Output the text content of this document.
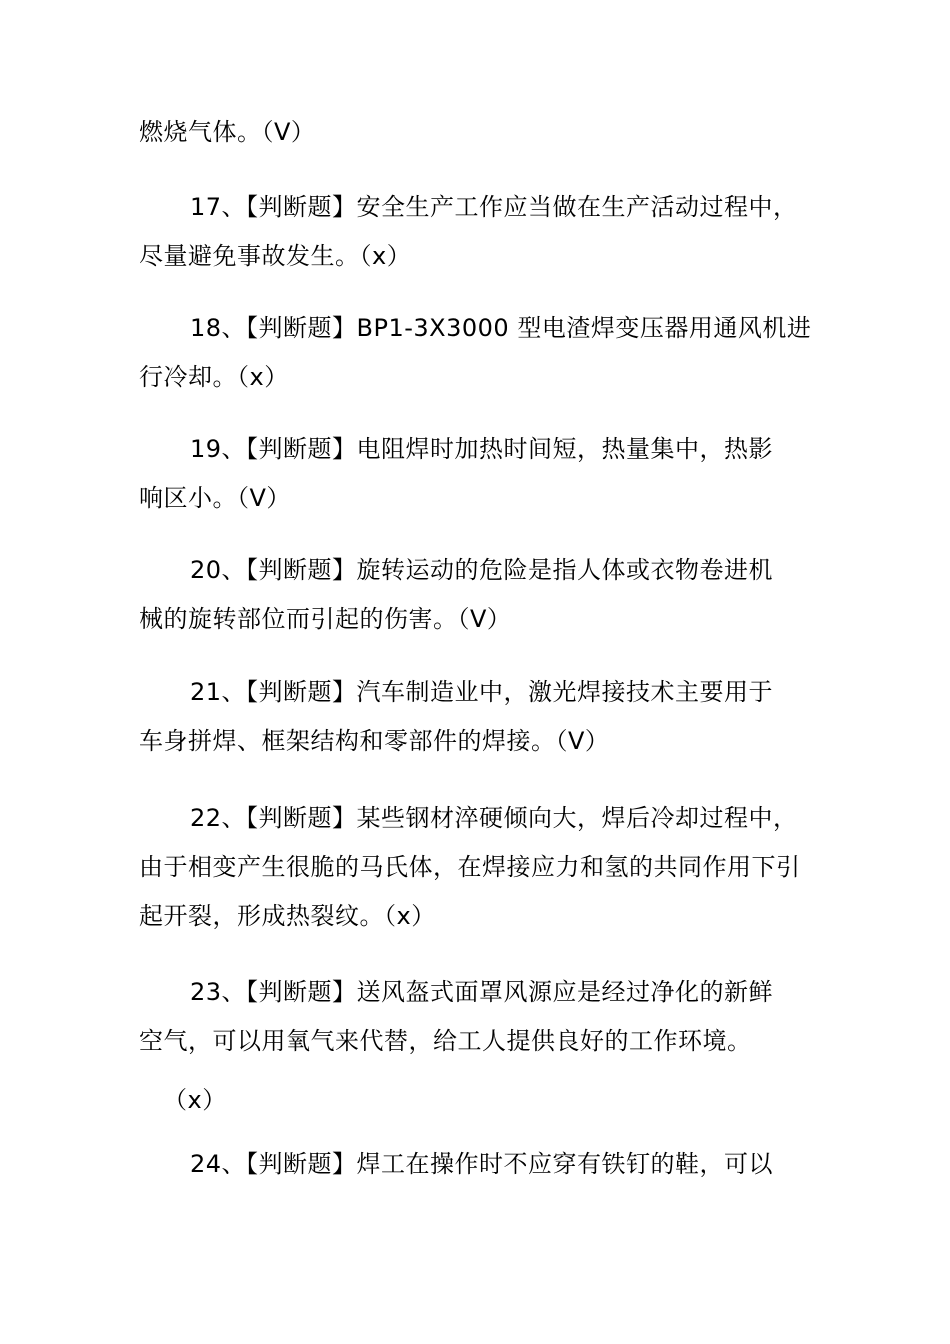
燃烧气体。（V）
17、【判断题】安全生产工作应当做在生产活动过程中，
尽量避免事故发生。（x）
18、【判断题】BP1-3X3000 型电渣焊变压器用通风机进
行冷却。（x）
19、【判断题】电阻焊时加热时间短，热量集中，热影
响区小。（V）
20、【判断题】旋转运动的危险是指人体或衣物卷进机
械的旋转部位而引起的伤害。（V）
21、【判断题】汽车制造业中，激光焊接技术主要用于
车身拼焊、框架结构和零部件的焊接。（V）
22、【判断题】某些钢材淬硬倾向大，焊后冷却过程中，
由于相变产生很脆的马氏体，在焊接应力和氢的共同作用下引
起开裂，形成热裂纹。（x）
23、【判断题】送风盔式面罩风源应是经过净化的新鲜
空气，可以用氧气来代替，给工人提供良好的工作环境。
（x）
24、【判断题】焊工在操作时不应穿有铁钉的鞋，可以
